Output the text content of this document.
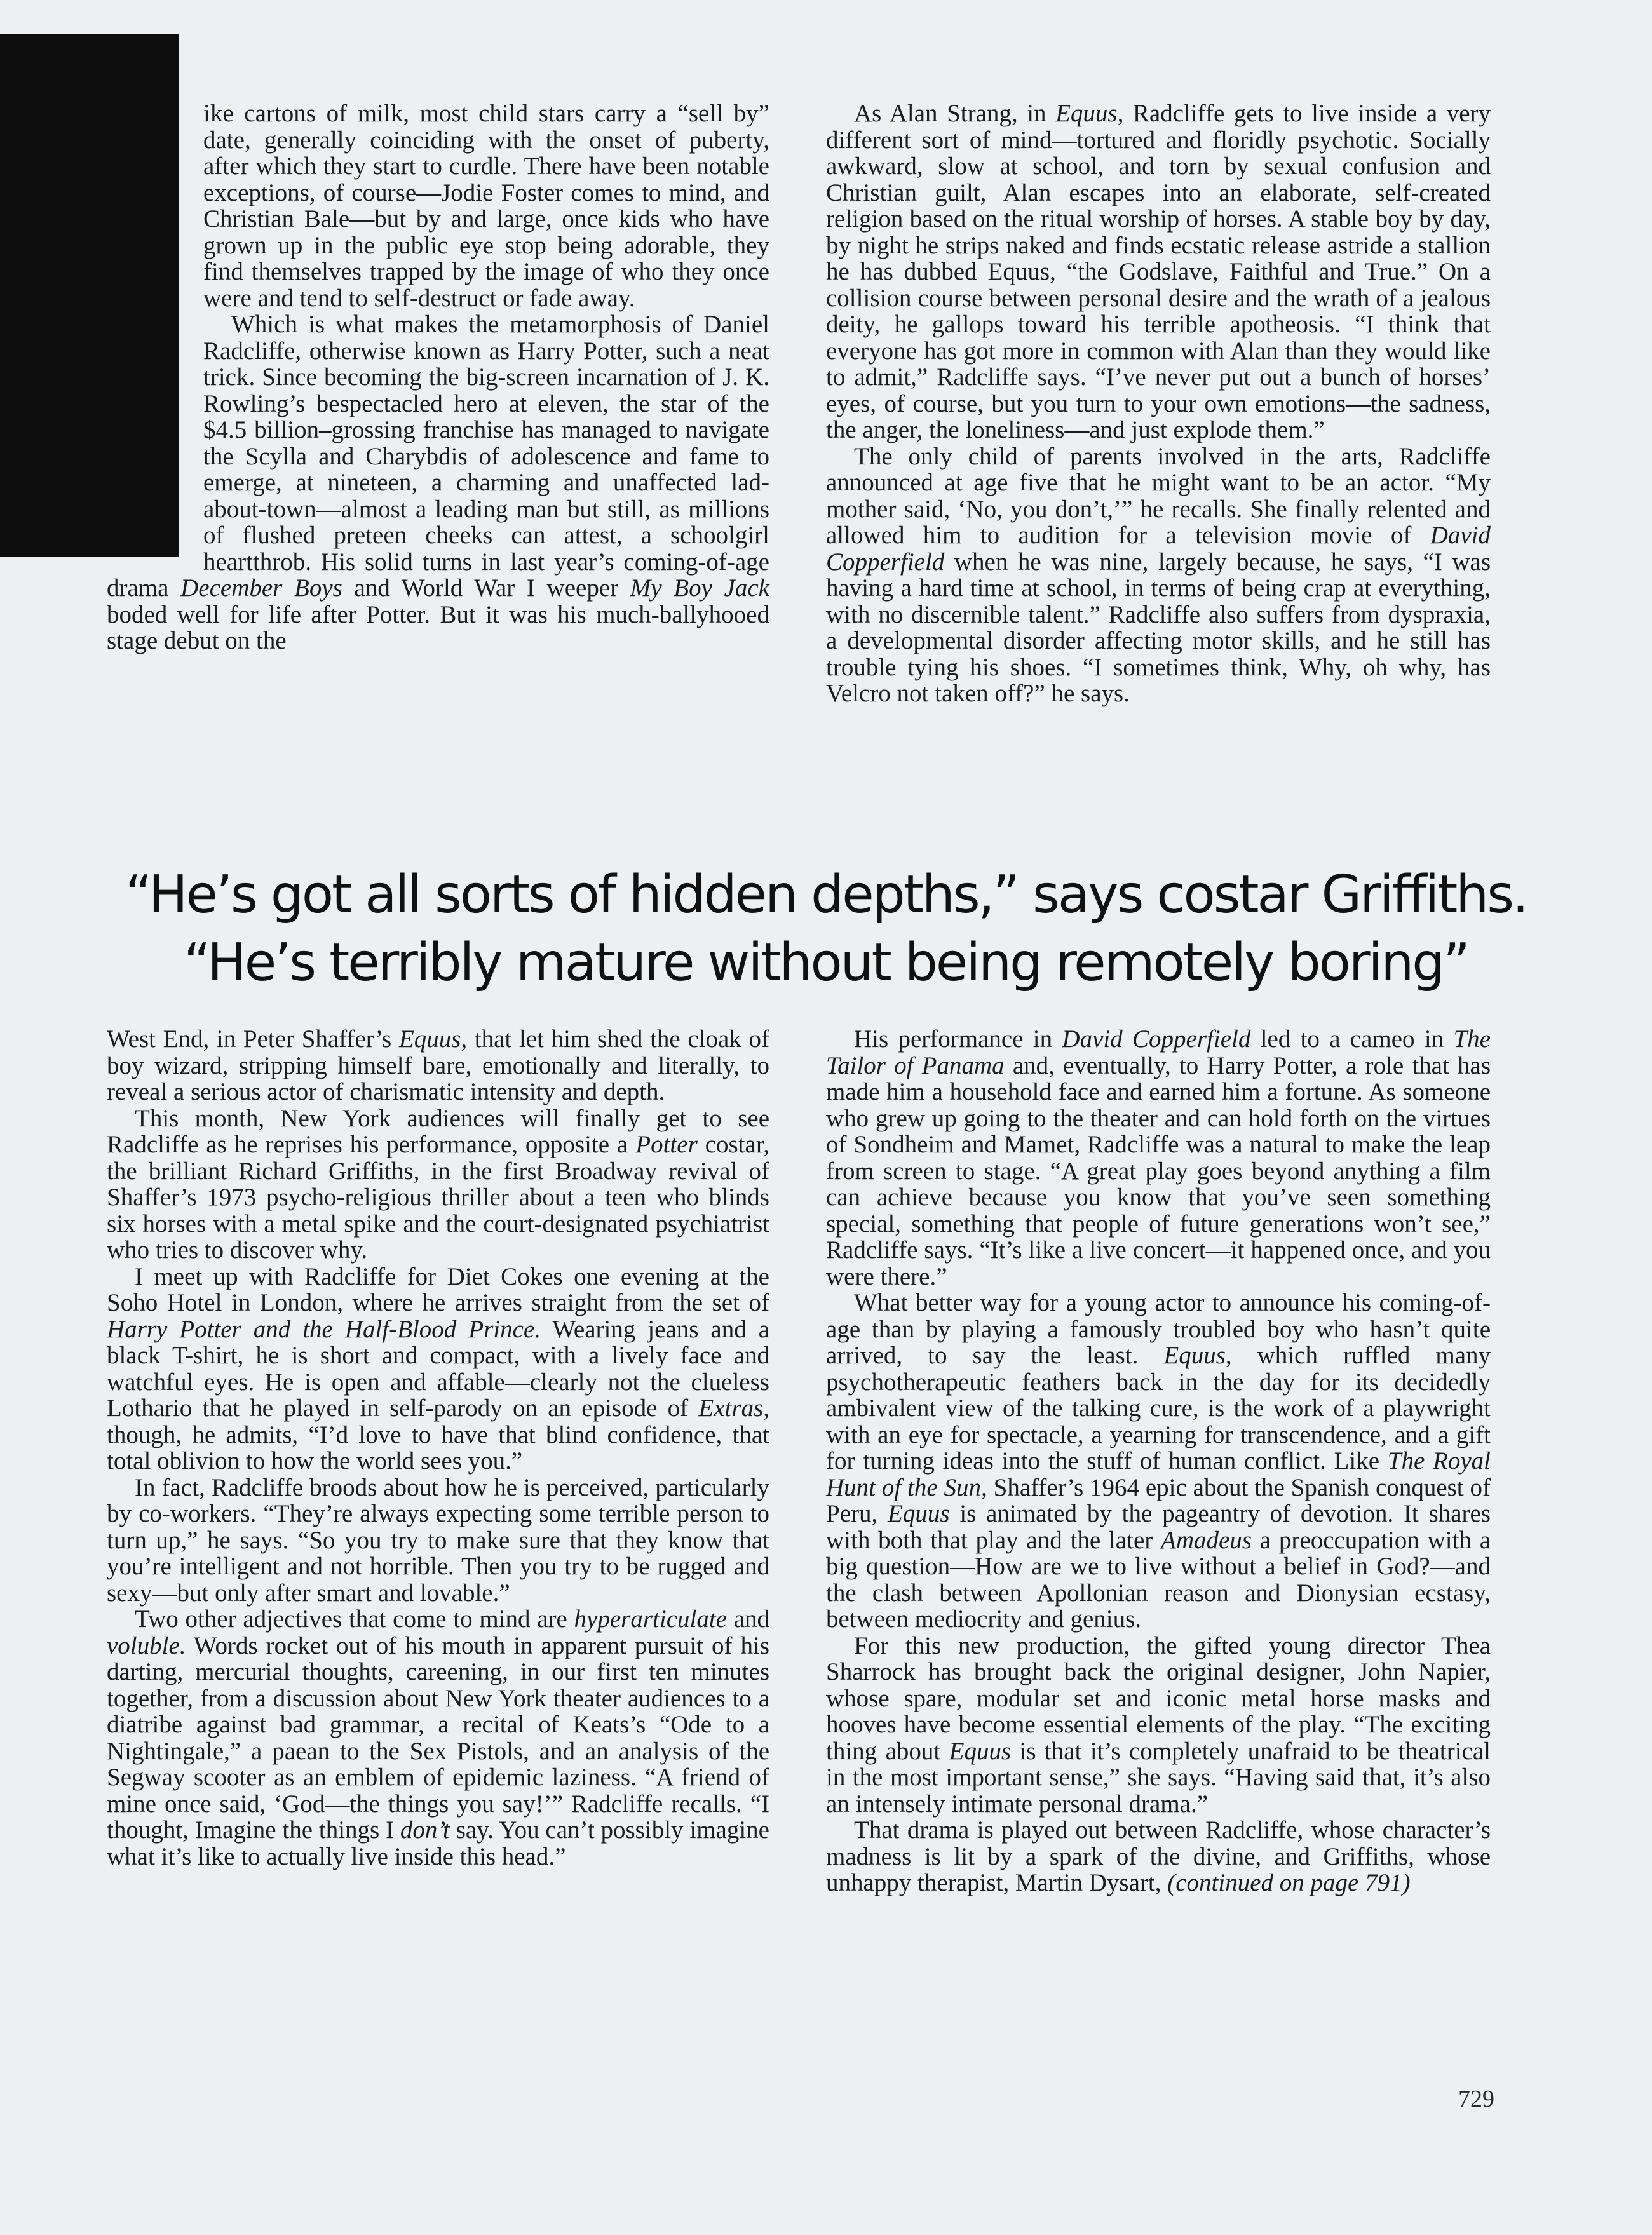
ike cartons of milk, most child stars carry a “sell by” date, generally coinciding with the onset of puberty, after which they start to curdle. There have been notable exceptions, of course—Jodie Foster comes to mind, and Christian Bale—but by and large, once kids who have grown up in the public eye stop being adorable, they find themselves trapped by the image of who they once were and tend to self-destruct or fade away.

Which is what makes the metamorphosis of Daniel Radcliffe, otherwise known as Harry Potter, such a neat trick. Since becoming the big-screen incarnation of J. K. Rowling’s bespectacled hero at eleven, the star of the $4.5 billion–grossing franchise has managed to navigate the Scylla and Charybdis of adolescence and fame to emerge, at nineteen, a charming and unaffected lad-about-town—almost a leading man but still, as millions of flushed preteen cheeks can attest, a schoolgirl heartthrob. His solid turns in last year’s coming-of-age drama December Boys and World War I weeper My Boy Jack boded well for life after Potter. But it was his much-ballyhooed stage debut on the

As Alan Strang, in Equus, Radcliffe gets to live inside a very different sort of mind—tortured and floridly psychotic. Socially awkward, slow at school, and torn by sexual confusion and Christian guilt, Alan escapes into an elaborate, self-created religion based on the ritual worship of horses. A stable boy by day, by night he strips naked and finds ecstatic release astride a stallion he has dubbed Equus, “the Godslave, Faithful and True.” On a collision course between personal desire and the wrath of a jealous deity, he gallops toward his terrible apotheosis. “I think that everyone has got more in common with Alan than they would like to admit,” Radcliffe says. “I’ve never put out a bunch of horses’ eyes, of course, but you turn to your own emotions—the sadness, the anger, the loneliness—and just explode them.”

The only child of parents involved in the arts, Radcliffe announced at age five that he might want to be an actor. “My mother said, ‘No, you don’t,’” he recalls. She finally relented and allowed him to audition for a television movie of David Copperfield when he was nine, largely because, he says, “I was having a hard time at school, in terms of being crap at everything, with no discernible talent.” Radcliffe also suffers from dyspraxia, a developmental disorder affecting motor skills, and he still has trouble tying his shoes. “I sometimes think, Why, oh why, has Velcro not taken off?” he says.

“He’s got all sorts of hidden depths,” says costar Griffiths.
“He’s terribly mature without being remotely boring”

West End, in Peter Shaffer’s Equus, that let him shed the cloak of boy wizard, stripping himself bare, emotionally and literally, to reveal a serious actor of charismatic intensity and depth.

This month, New York audiences will finally get to see Radcliffe as he reprises his performance, opposite a Potter costar, the brilliant Richard Griffiths, in the first Broadway revival of Shaffer’s 1973 psycho-religious thriller about a teen who blinds six horses with a metal spike and the court-designated psychiatrist who tries to discover why.

I meet up with Radcliffe for Diet Cokes one evening at the Soho Hotel in London, where he arrives straight from the set of Harry Potter and the Half-Blood Prince. Wearing jeans and a black T-shirt, he is short and compact, with a lively face and watchful eyes. He is open and affable—clearly not the clueless Lothario that he played in self-parody on an episode of Extras, though, he admits, “I’d love to have that blind confidence, that total oblivion to how the world sees you.”

In fact, Radcliffe broods about how he is perceived, particularly by co-workers. “They’re always expecting some terrible person to turn up,” he says. “So you try to make sure that they know that you’re intelligent and not horrible. Then you try to be rugged and sexy—but only after smart and lovable.”

Two other adjectives that come to mind are hyperarticulate and voluble. Words rocket out of his mouth in apparent pursuit of his darting, mercurial thoughts, careening, in our first ten minutes together, from a discussion about New York theater audiences to a diatribe against bad grammar, a recital of Keats’s “Ode to a Nightingale,” a paean to the Sex Pistols, and an analysis of the Segway scooter as an emblem of epidemic laziness. “A friend of mine once said, ‘God—the things you say!’” Radcliffe recalls. “I thought, Imagine the things I don’t say. You can’t possibly imagine what it’s like to actually live inside this head.”

His performance in David Copperfield led to a cameo in The Tailor of Panama and, eventually, to Harry Potter, a role that has made him a household face and earned him a fortune. As someone who grew up going to the theater and can hold forth on the virtues of Sondheim and Mamet, Radcliffe was a natural to make the leap from screen to stage. “A great play goes beyond anything a film can achieve because you know that you’ve seen something special, something that people of future generations won’t see,” Radcliffe says. “It’s like a live concert—it happened once, and you were there.”

What better way for a young actor to announce his coming-of-age than by playing a famously troubled boy who hasn’t quite arrived, to say the least. Equus, which ruffled many psychotherapeutic feathers back in the day for its decidedly ambivalent view of the talking cure, is the work of a playwright with an eye for spectacle, a yearning for transcendence, and a gift for turning ideas into the stuff of human conflict. Like The Royal Hunt of the Sun, Shaffer’s 1964 epic about the Spanish conquest of Peru, Equus is animated by the pageantry of devotion. It shares with both that play and the later Amadeus a preoccupation with a big question—How are we to live without a belief in God?—and the clash between Apollonian reason and Dionysian ecstasy, between mediocrity and genius.

For this new production, the gifted young director Thea Sharrock has brought back the original designer, John Napier, whose spare, modular set and iconic metal horse masks and hooves have become essential elements of the play. “The exciting thing about Equus is that it’s completely unafraid to be theatrical in the most important sense,” she says. “Having said that, it’s also an intensely intimate personal drama.”

That drama is played out between Radcliffe, whose character’s madness is lit by a spark of the divine, and Griffiths, whose unhappy therapist, Martin Dysart, (continued on page 791)

729
